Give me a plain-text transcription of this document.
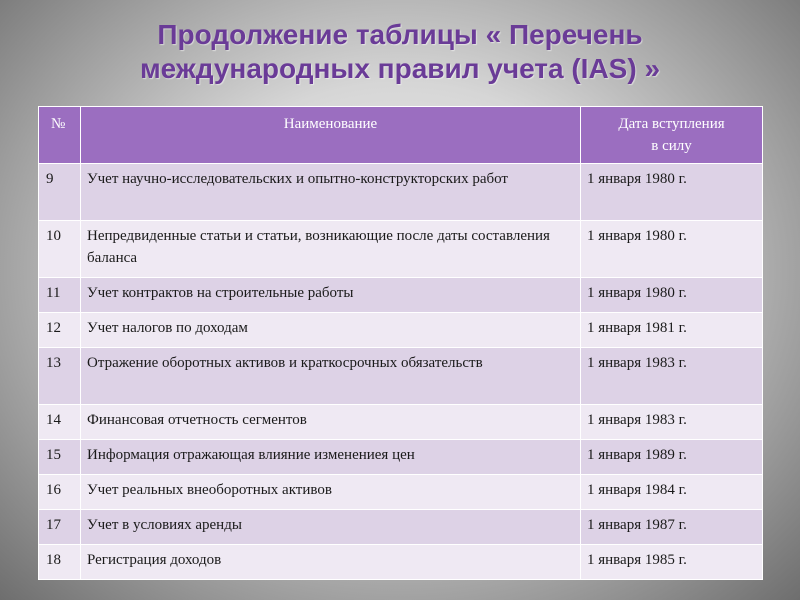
Продолжение таблицы « Перечень
международных правил учета (IAS) »
№	Наименование	Дата вступления
в силу

9	Учет научно-исследовательских и опытно-конструкторских работ	1 января 1980 г.
10	Непредвиденные статьи и статьи, возникающие после даты составления баланса	1 января 1980 г.
11	Учет контрактов на строительные работы	1 января 1980 г.
12	Учет налогов по доходам	1 января 1981 г.
13	Отражение оборотных активов и краткосрочных обязательств	1 января 1983 г.
14	Финансовая отчетность сегментов	1 января 1983 г.
15	Информация отражающая влияние изменениея цен	1 января 1989 г.
16	Учет реальных внеоборотных активов	1 января 1984 г.
17	Учет в условиях аренды	1 января 1987 г.
18	Регистрация доходов	1 января 1985 г.
